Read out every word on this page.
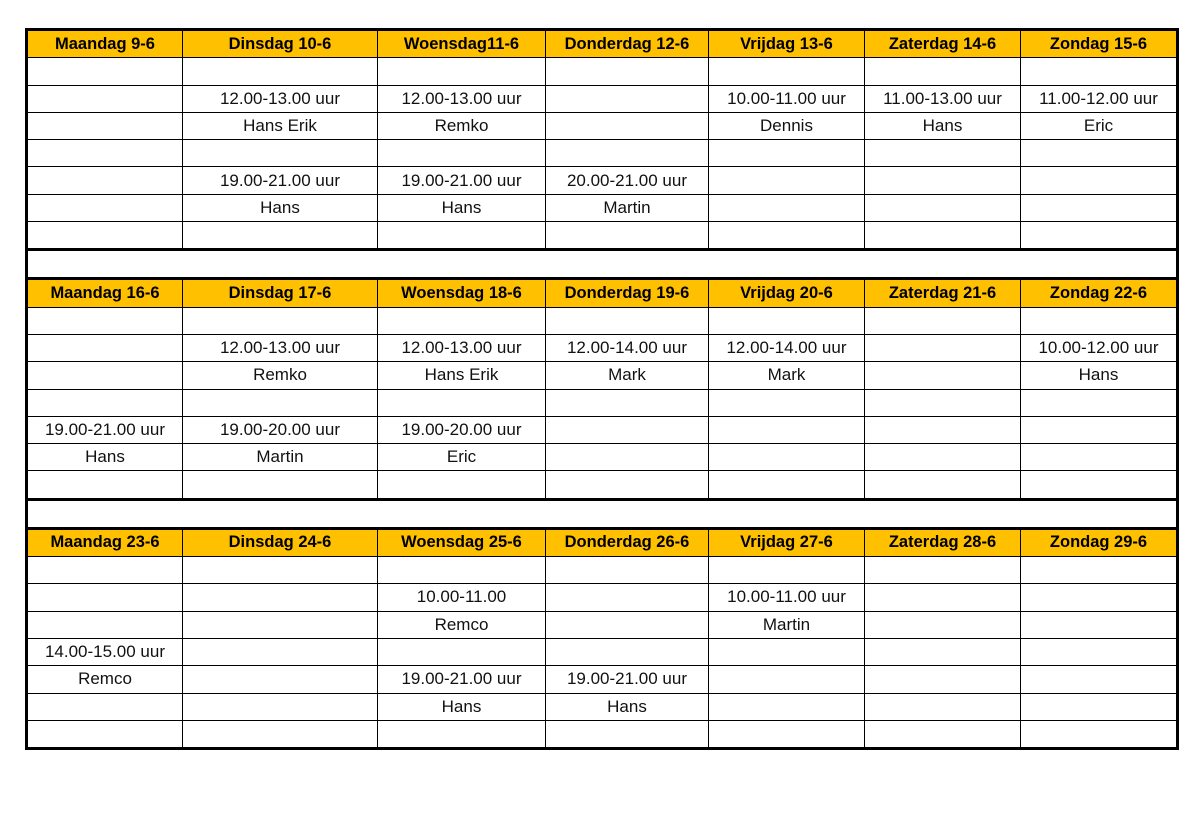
Maandag 9-6	Dinsdag 10-6	Woensdag11-6	Donderdag 12-6	Vrijdag 13-6	Zaterdag 14-6	Zondag 15-6

	12.00-13.00 uur	12.00-13.00 uur		10.00-11.00 uur	11.00-13.00 uur	11.00-12.00 uur
	Hans Erik	Remko		Dennis	Hans	Eric

	19.00-21.00 uur	19.00-21.00 uur	20.00-21.00 uur			
	Hans	Hans	Martin			

Maandag 16-6	Dinsdag 17-6	Woensdag 18-6	Donderdag 19-6	Vrijdag 20-6	Zaterdag 21-6	Zondag 22-6

	12.00-13.00 uur	12.00-13.00 uur	12.00-14.00 uur	12.00-14.00 uur		10.00-12.00 uur
	Remko	Hans Erik	Mark	Mark		Hans

19.00-21.00 uur	19.00-20.00 uur	19.00-20.00 uur				
Hans	Martin	Eric				

Maandag 23-6	Dinsdag 24-6	Woensdag 25-6	Donderdag 26-6	Vrijdag 27-6	Zaterdag 28-6	Zondag 29-6

		10.00-11.00		10.00-11.00 uur		
		Remco		Martin		
14.00-15.00 uur						
Remco		19.00-21.00 uur	19.00-21.00 uur			
		Hans	Hans			
